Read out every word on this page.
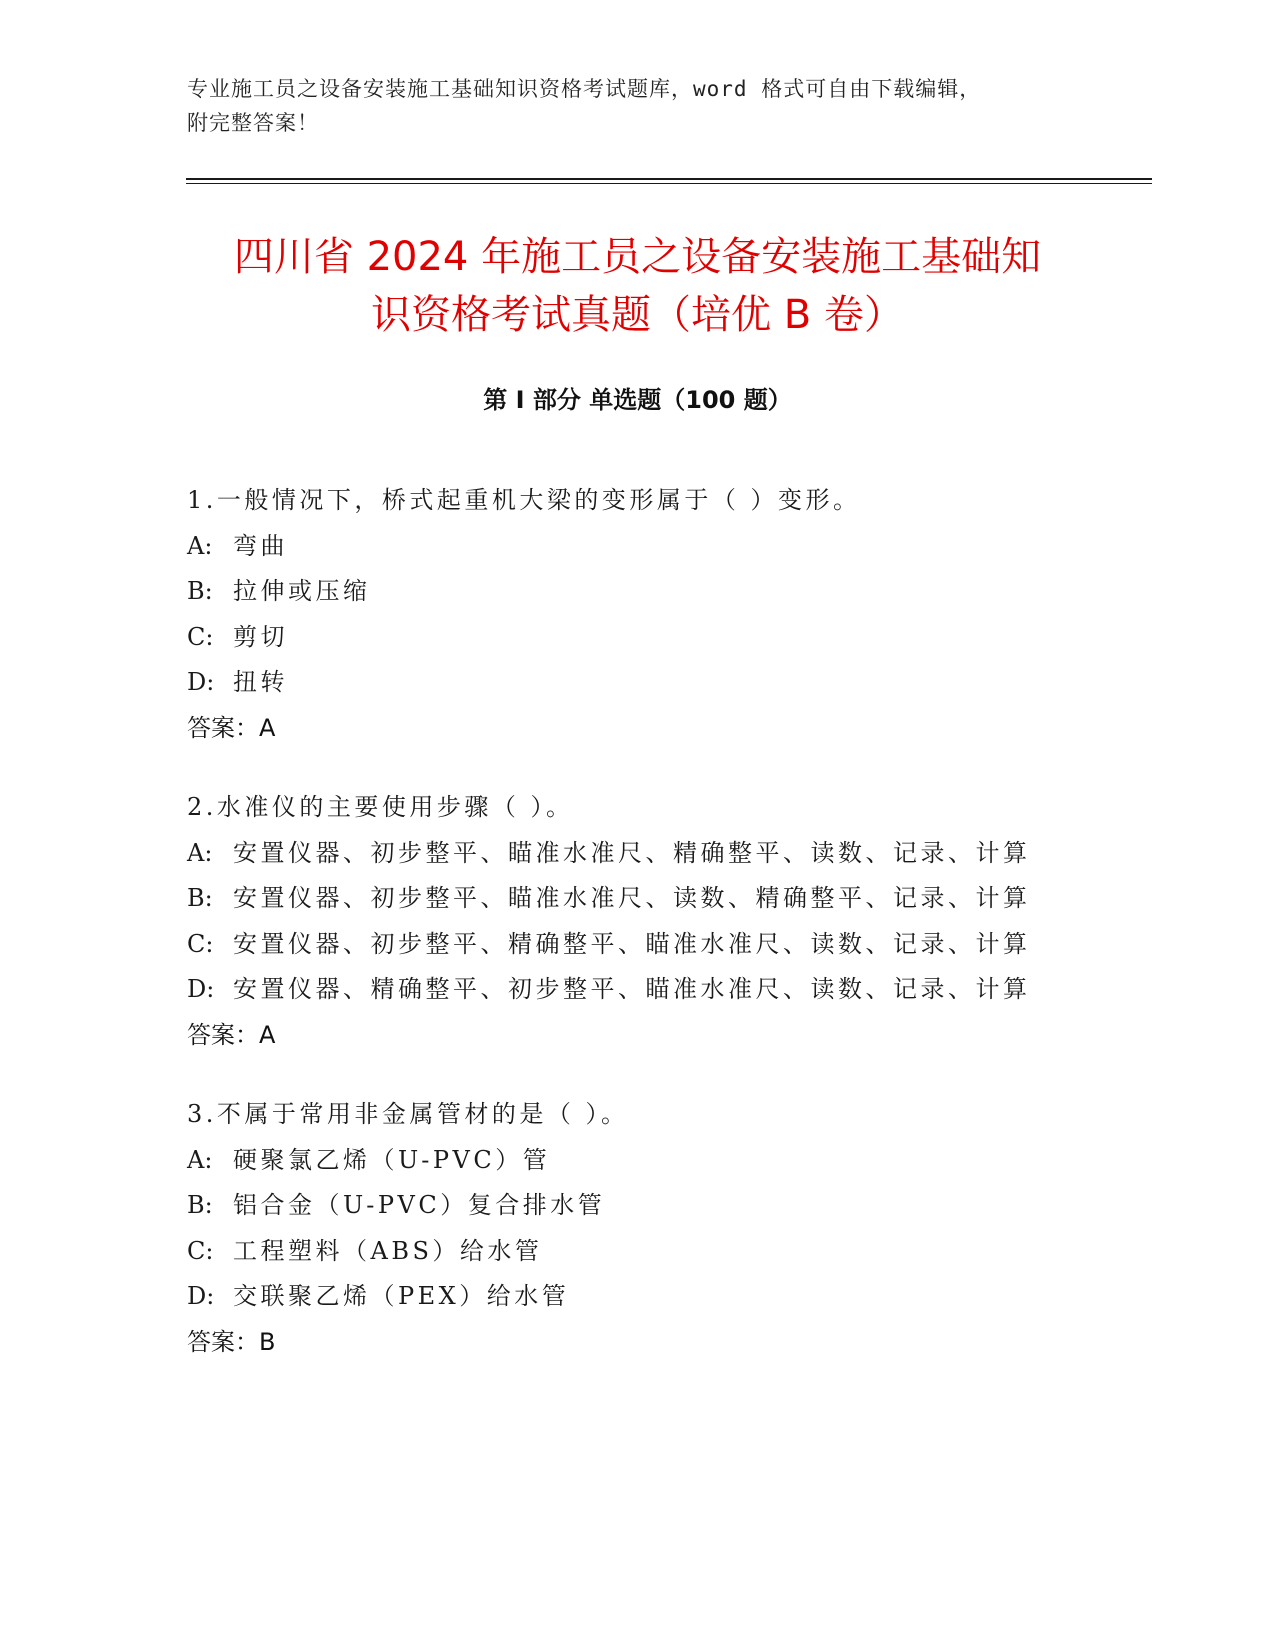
专业施工员之设备安装施工基础知识资格考试题库，word 格式可自由下载编辑，
附完整答案！
四川省 2024 年施工员之设备安装施工基础知
识资格考试真题（培优 B 卷）
第 I 部分 单选题（100 题）
1.一般情况下，桥式起重机大梁的变形属于（ ）变形。
A: 弯曲
B: 拉伸或压缩
C: 剪切
D: 扭转
答案：A
2.水准仪的主要使用步骤（ ）。
A: 安置仪器、初步整平、瞄准水准尺、精确整平、读数、记录、计算
B: 安置仪器、初步整平、瞄准水准尺、读数、精确整平、记录、计算
C: 安置仪器、初步整平、精确整平、瞄准水准尺、读数、记录、计算
D: 安置仪器、精确整平、初步整平、瞄准水准尺、读数、记录、计算
答案：A
3.不属于常用非金属管材的是（ ）。
A: 硬聚氯乙烯（U-PVC）管
B: 铝合金（U-PVC）复合排水管
C: 工程塑料（ABS）给水管
D: 交联聚乙烯（PEX）给水管
答案：B
